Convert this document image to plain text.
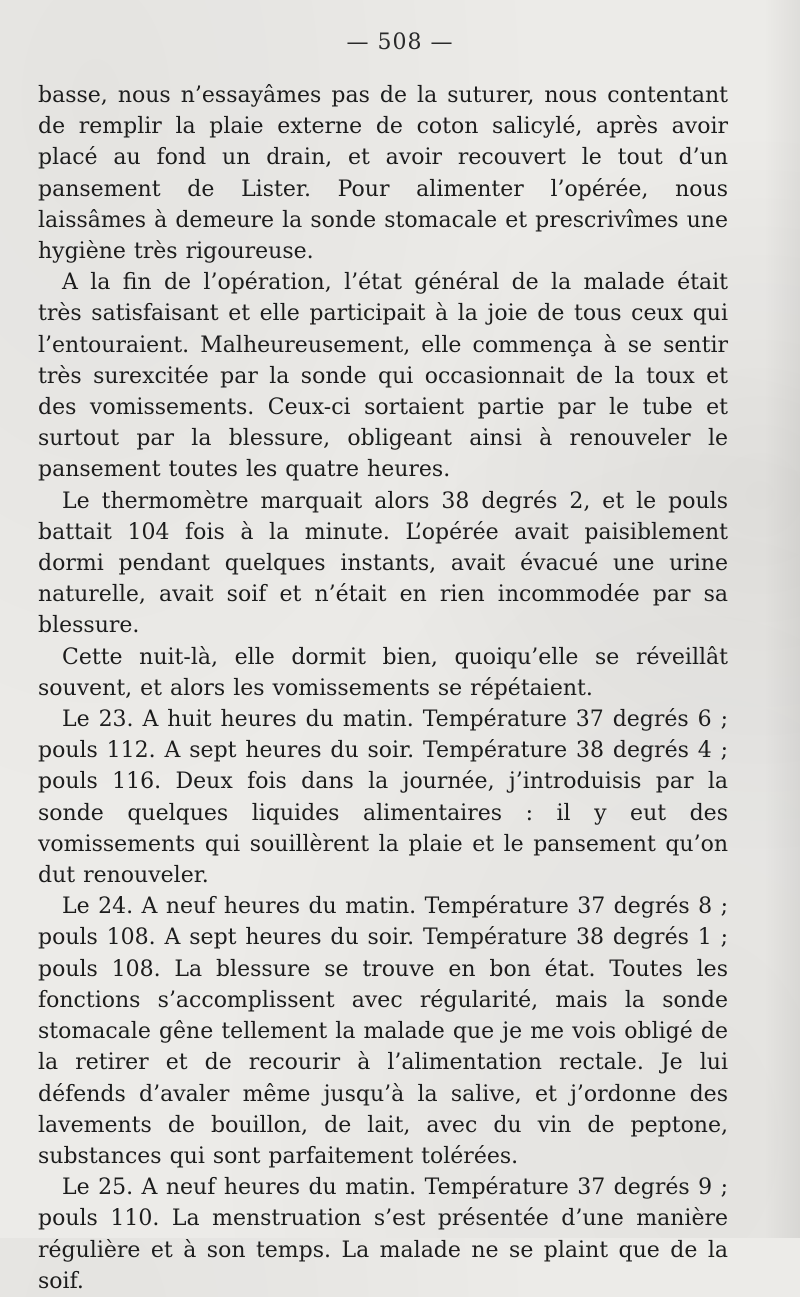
— 508 —

basse, nous n’essayâmes pas de la suturer, nous contentant de remplir la plaie externe de coton salicylé, après avoir placé au fond un drain, et avoir recouvert le tout d’un pansement de Lister. Pour alimenter l’opérée, nous laissâmes à demeure la sonde stomacale et prescrivîmes une hygiène très rigoureuse.

A la fin de l’opération, l’état général de la malade était très satisfaisant et elle participait à la joie de tous ceux qui l’entouraient. Malheureusement, elle commença à se sentir très surexcitée par la sonde qui occasionnait de la toux et des vomissements. Ceux-ci sortaient partie par le tube et surtout par la blessure, obligeant ainsi à renouveler le pansement toutes les quatre heures.

Le thermomètre marquait alors 38 degrés 2, et le pouls battait 104 fois à la minute. L’opérée avait paisiblement dormi pendant quelques instants, avait évacué une urine naturelle, avait soif et n’était en rien incommodée par sa blessure.

Cette nuit-là, elle dormit bien, quoiqu’elle se réveillât souvent, et alors les vomissements se répétaient.

Le 23. A huit heures du matin. Température 37 degrés 6 ; pouls 112. A sept heures du soir. Température 38 degrés 4 ; pouls 116. Deux fois dans la journée, j’introduisis par la sonde quelques liquides alimentaires : il y eut des vomissements qui souillèrent la plaie et le pansement qu’on dut renouveler.

Le 24. A neuf heures du matin. Température 37 degrés 8 ; pouls 108. A sept heures du soir. Température 38 degrés 1 ; pouls 108. La blessure se trouve en bon état. Toutes les fonctions s’accomplissent avec régularité, mais la sonde stomacale gêne tellement la malade que je me vois obligé de la retirer et de recourir à l’alimentation rectale. Je lui défends d’avaler même jusqu’à la salive, et j’ordonne des lavements de bouillon, de lait, avec du vin de peptone, substances qui sont parfaitement tolérées.

Le 25. A neuf heures du matin. Température 37 degrés 9 ; pouls 110. La menstruation s’est présentée d’une manière régulière et à son temps. La malade ne se plaint que de la soif.
